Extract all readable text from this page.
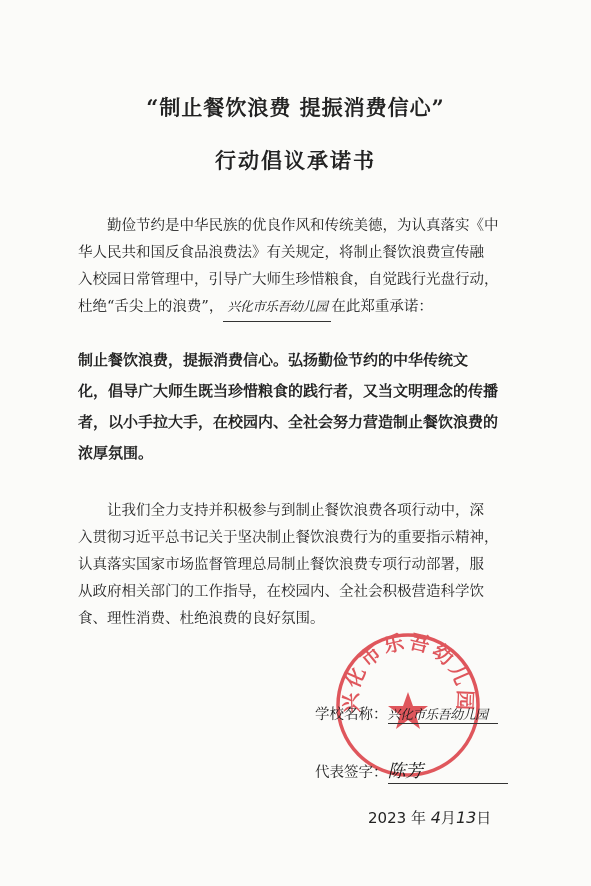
“制止餐饮浪费 提振消费信心”
行动倡议承诺书
勤俭节约是中华民族的优良作风和传统美德，为认真落实《中
华人民共和国反食品浪费法》有关规定，将制止餐饮浪费宣传融
入校园日常管理中，引导广大师生珍惜粮食，自觉践行光盘行动，
杜绝“舌尖上的浪费”， 兴化市乐吾幼儿园 在此郑重承诺：
制止餐饮浪费，提振消费信心。弘扬勤俭节约的中华传统文
化，倡导广大师生既当珍惜粮食的践行者，又当文明理念的传播
者，以小手拉大手，在校园内、全社会努力营造制止餐饮浪费的
浓厚氛围。
让我们全力支持并积极参与到制止餐饮浪费各项行动中，深
入贯彻习近平总书记关于坚决制止餐饮浪费行为的重要指示精神，
认真落实国家市场监督管理总局制止餐饮浪费专项行动部署，服
从政府相关部门的工作指导，在校园内、全社会积极营造科学饮
食、理性消费、杜绝浪费的良好氛围。
兴化市乐吾幼儿园
学校名称：兴化市乐吾幼儿园
代表签字：陈芳
2023 年 4月13日
